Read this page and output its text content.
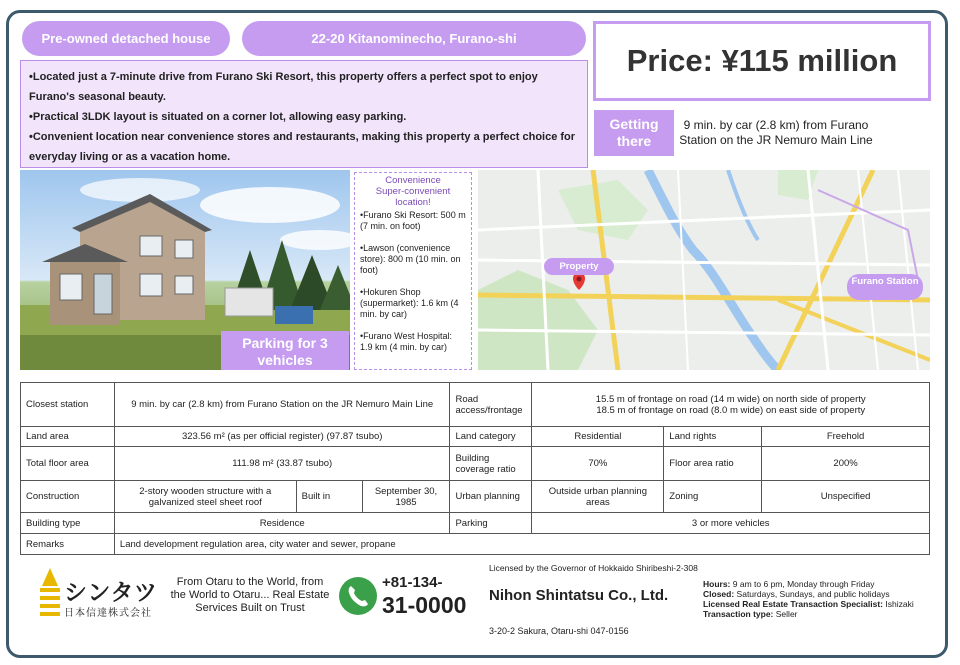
Pre-owned detached house	22-20 Kitanominecho, Furano-shi
Price: ¥115 million

•Located just a 7-minute drive from Furano Ski Resort, this property offers a perfect spot to enjoy Furano's seasonal beauty.

•Practical 3LDK layout is situated on a corner lot, allowing easy parking.

•Convenient location near convenience stores and restaurants, making this property a perfect choice for everyday living or as a vacation home.

Getting there
9 min. by car (2.8 km) from Furano Station on the JR Nemuro Main Line
Parking for 3 vehicles
Convenience
Super-convenient location!
•Furano Ski Resort: 500 m (7 min. on foot)
•Lawson (convenience store): 800 m (10 min. on foot)
•Hokuren Shop (supermarket): 1.6 km (4 min. by car)
•Furano West Hospital: 1.9 km (4 min. by car)
Property
Furano Station
Closest station	9 min. by car (2.8 km) from Furano Station on the JR Nemuro Main Line			Road access/frontage	15.5 m of frontage on road (14 m wide) on north side of property
18.5 m of frontage on road (8.0 m wide) on east side of property		

Land area	323.56 m² (as per official register) (97.87 tsubo)			Land category	Residential	Land rights	Freehold
Total floor area	111.98 m² (33.87 tsubo)			Building coverage ratio	70%	Floor area ratio	200%
Construction	2-story wooden structure with a galvanized steel sheet roof	Built in	September 30, 1985	Urban planning	Outside urban planning areas	Zoning	Unspecified
Building type	Residence			Parking	3 or more vehicles		
Remarks	Land development regulation area, city water and sewer, propane						
シンタツ
日本信達株式会社
From Otaru to the World, from the World to Otaru... Real Estate Services Built on Trust
+81-134-
31-0000
Licensed by the Governor of Hokkaido Shiribeshi-2-308
Nihon Shintatsu Co., Ltd.
3-20-2 Sakura, Otaru-shi 047-0156
Hours: 9 am to 6 pm, Monday through Friday
Closed: Saturdays, Sundays, and public holidays
Licensed Real Estate Transaction Specialist: Ishizaki
Transaction type: Seller
